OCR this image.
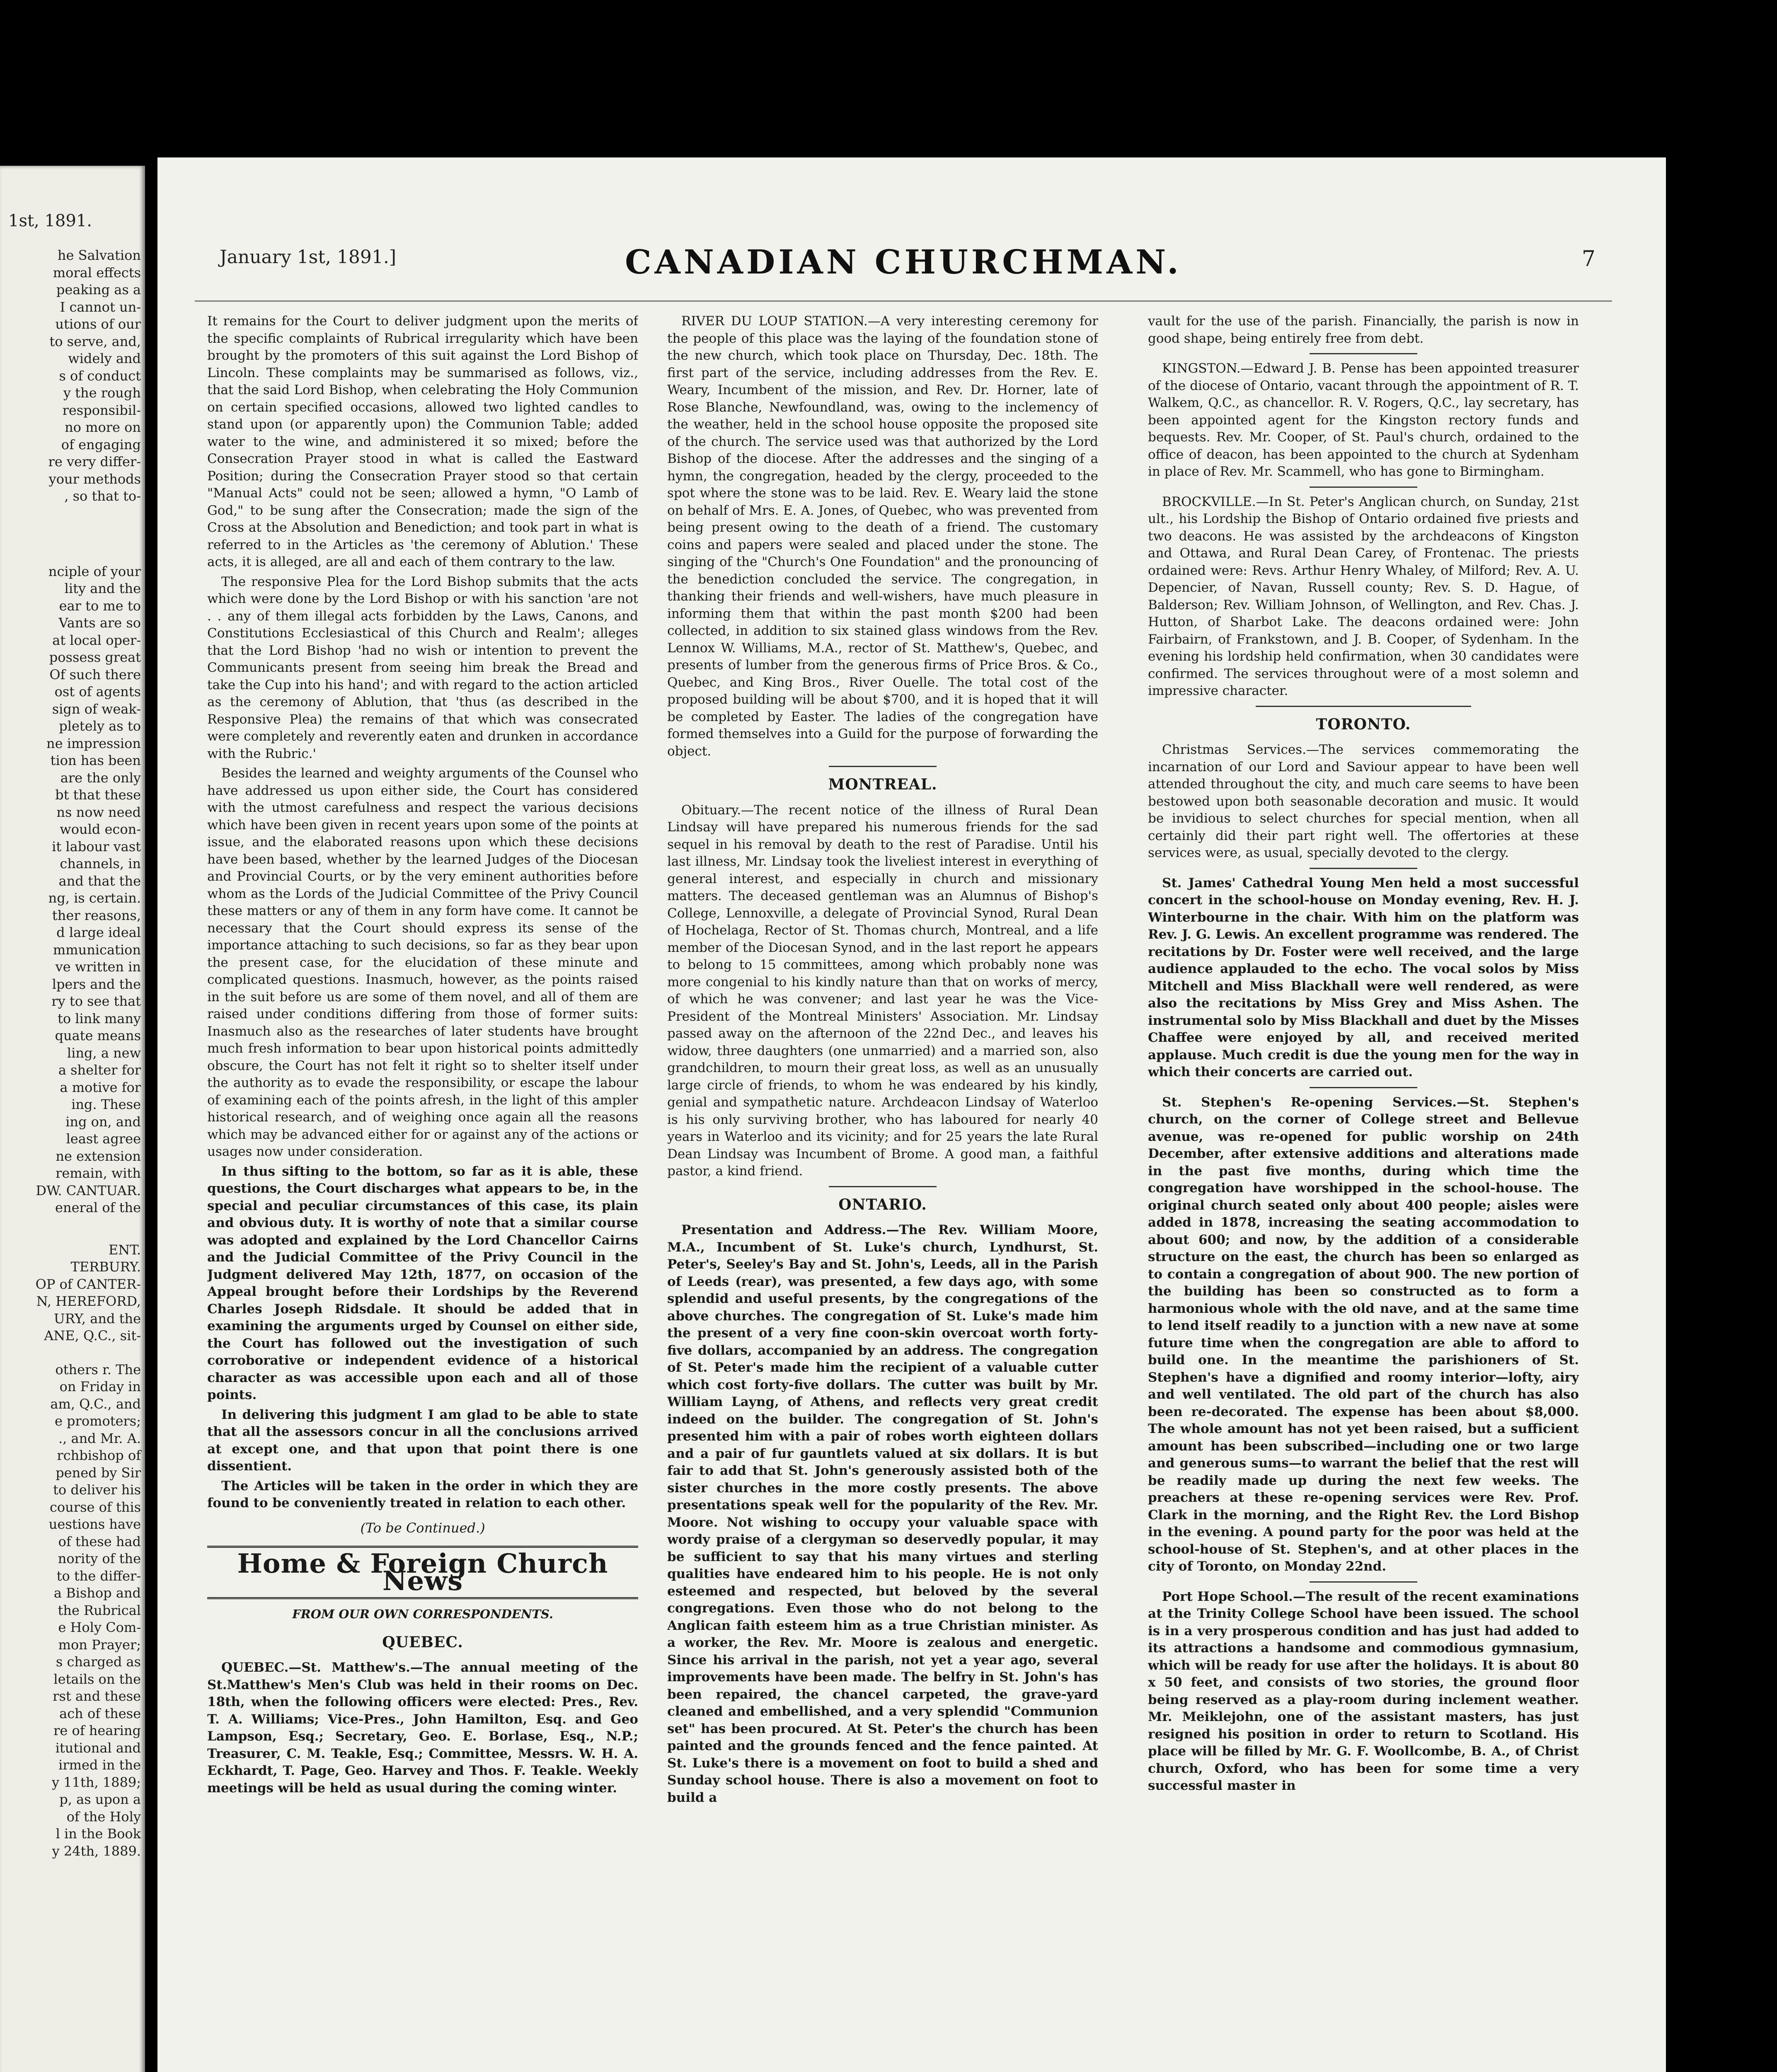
1st, 1891.
he Salvation
moral effects
peaking as a
I cannot un-
utions of our
to serve, and,
widely and
s of conduct
y the rough
responsibil-
no more on
of engaging
re very differ-
your methods
, so that to-
nciple of your
lity and the
ear to me to
Vants are so
at local oper-
possess great
Of such there
ost of agents
sign of weak-
pletely as to
ne impression
tion has been
are the only
bt that these
ns now need
would econ-
it labour vast
channels, in
and that the
ng, is certain.
ther reasons,
d large ideal
mmunication
ve written in
lpers and the
ry to see that
to link many
quate means
ling, a new
a shelter for
a motive for
ing. These
ing on, and
least agree
ne extension
remain, with
DW. CANTUAR.
eneral of the
ENT.
TERBURY.
OP of CANTER-
N, HEREFORD,
URY, and the
ANE, Q.C., sit-
others r. The
on Friday in
am, Q.C., and
e promoters;
., and Mr. A.
rchbishop of
pened by Sir
to deliver his
course of this
uestions have
of these had
nority of the
to the differ-
a Bishop and
the Rubrical
e Holy Com-
mon Prayer;
s charged as
letails on the
rst and these
ach of these
re of hearing
itutional and
irmed in the
y 11th, 1889;
p, as upon a
of the Holy
l in the Book
y 24th, 1889.
January 1st, 1891.]	CANADIAN CHURCHMAN.	7

It remains for the Court to deliver judgment upon the merits of the specific complaints of Rubrical irregularity which have been brought by the promoters of this suit against the Lord Bishop of Lincoln. These complaints may be summarised as follows, viz., that the said Lord Bishop, when celebrating the Holy Communion on certain specified occasions, allowed two lighted candles to stand upon (or apparently upon) the Communion Table; added water to the wine, and administered it so mixed; before the Consecration Prayer stood in what is called the Eastward Position; during the Consecration Prayer stood so that certain "Manual Acts" could not be seen; allowed a hymn, "O Lamb of God," to be sung after the Consecration; made the sign of the Cross at the Absolution and Benediction; and took part in what is referred to in the Articles as 'the ceremony of Ablution.' These acts, it is alleged, are all and each of them contrary to the law.

The responsive Plea for the Lord Bishop submits that the acts which were done by the Lord Bishop or with his sanction 'are not . . any of them illegal acts forbidden by the Laws, Canons, and Constitutions Ecclesiastical of this Church and Realm'; alleges that the Lord Bishop 'had no wish or intention to prevent the Communicants present from seeing him break the Bread and take the Cup into his hand'; and with regard to the action articled as the ceremony of Ablution, that 'thus (as described in the Responsive Plea) the remains of that which was consecrated were completely and reverently eaten and drunken in accordance with the Rubric.'

Besides the learned and weighty arguments of the Counsel who have addressed us upon either side, the Court has considered with the utmost carefulness and respect the various decisions which have been given in recent years upon some of the points at issue, and the elaborated reasons upon which these decisions have been based, whether by the learned Judges of the Diocesan and Provincial Courts, or by the very eminent authorities before whom as the Lords of the Judicial Committee of the Privy Council these matters or any of them in any form have come. It cannot be necessary that the Court should express its sense of the importance attaching to such decisions, so far as they bear upon the present case, for the elucidation of these minute and complicated questions. Inasmuch, however, as the points raised in the suit before us are some of them novel, and all of them are raised under conditions differing from those of former suits: Inasmuch also as the researches of later students have brought much fresh information to bear upon historical points admittedly obscure, the Court has not felt it right so to shelter itself under the authority as to evade the responsibility, or escape the labour of examining each of the points afresh, in the light of this ampler historical research, and of weighing once again all the reasons which may be advanced either for or against any of the actions or usages now under consideration.

In thus sifting to the bottom, so far as it is able, these questions, the Court discharges what appears to be, in the special and peculiar circumstances of this case, its plain and obvious duty. It is worthy of note that a similar course was adopted and explained by the Lord Chancellor Cairns and the Judicial Committee of the Privy Council in the Judgment delivered May 12th, 1877, on occasion of the Appeal brought before their Lordships by the Reverend Charles Joseph Ridsdale. It should be added that in examining the arguments urged by Counsel on either side, the Court has followed out the investigation of such corroborative or independent evidence of a historical character as was accessible upon each and all of those points.

In delivering this judgment I am glad to be able to state that all the assessors concur in all the conclusions arrived at except one, and that upon that point there is one dissentient.

The Articles will be taken in the order in which they are found to be conveniently treated in relation to each other.

(To be Continued.)
Home & Foreign Church News
FROM OUR OWN CORRESPONDENTS.
QUEBEC.

QUEBEC.—St. Matthew's.—The annual meeting of the St.Matthew's Men's Club was held in their rooms on Dec. 18th, when the following officers were elected: Pres., Rev. T. A. Williams; Vice-Pres., John Hamilton, Esq. and Geo Lampson, Esq.; Secretary, Geo. E. Borlase, Esq., N.P.; Treasurer, C. M. Teakle, Esq.; Committee, Messrs. W. H. A. Eckhardt, T. Page, Geo. Harvey and Thos. F. Teakle. Weekly meetings will be held as usual during the coming winter.

RIVER DU LOUP STATION.—A very interesting ceremony for the people of this place was the laying of the foundation stone of the new church, which took place on Thursday, Dec. 18th. The first part of the service, including addresses from the Rev. E. Weary, Incumbent of the mission, and Rev. Dr. Horner, late of Rose Blanche, Newfoundland, was, owing to the inclemency of the weather, held in the school house opposite the proposed site of the church. The service used was that authorized by the Lord Bishop of the diocese. After the addresses and the singing of a hymn, the congregation, headed by the clergy, proceeded to the spot where the stone was to be laid. Rev. E. Weary laid the stone on behalf of Mrs. E. A. Jones, of Quebec, who was prevented from being present owing to the death of a friend. The customary coins and papers were sealed and placed under the stone. The singing of the "Church's One Foundation" and the pronouncing of the benediction concluded the service. The congregation, in thanking their friends and well-wishers, have much pleasure in informing them that within the past month $200 had been collected, in addition to six stained glass windows from the Rev. Lennox W. Williams, M.A., rector of St. Matthew's, Quebec, and presents of lumber from the generous firms of Price Bros. & Co., Quebec, and King Bros., River Ouelle. The total cost of the proposed building will be about $700, and it is hoped that it will be completed by Easter. The ladies of the congregation have formed themselves into a Guild for the purpose of forwarding the object.

MONTREAL.

Obituary.—The recent notice of the illness of Rural Dean Lindsay will have prepared his numerous friends for the sad sequel in his removal by death to the rest of Paradise. Until his last illness, Mr. Lindsay took the liveliest interest in everything of general interest, and especially in church and missionary matters. The deceased gentleman was an Alumnus of Bishop's College, Lennoxville, a delegate of Provincial Synod, Rural Dean of Hochelaga, Rector of St. Thomas church, Montreal, and a life member of the Diocesan Synod, and in the last report he appears to belong to 15 committees, among which probably none was more congenial to his kindly nature than that on works of mercy, of which he was convener; and last year he was the Vice-President of the Montreal Ministers' Association. Mr. Lindsay passed away on the afternoon of the 22nd Dec., and leaves his widow, three daughters (one unmarried) and a married son, also grandchildren, to mourn their great loss, as well as an unusually large circle of friends, to whom he was endeared by his kindly, genial and sympathetic nature. Archdeacon Lindsay of Waterloo is his only surviving brother, who has laboured for nearly 40 years in Waterloo and its vicinity; and for 25 years the late Rural Dean Lindsay was Incumbent of Brome. A good man, a faithful pastor, a kind friend.

ONTARIO.

Presentation and Address.—The Rev. William Moore, M.A., Incumbent of St. Luke's church, Lyndhurst, St. Peter's, Seeley's Bay and St. John's, Leeds, all in the Parish of Leeds (rear), was presented, a few days ago, with some splendid and useful presents, by the congregations of the above churches. The congregation of St. Luke's made him the present of a very fine coon-skin overcoat worth forty-five dollars, accompanied by an address. The congregation of St. Peter's made him the recipient of a valuable cutter which cost forty-five dollars. The cutter was built by Mr. William Layng, of Athens, and reflects very great credit indeed on the builder. The congregation of St. John's presented him with a pair of robes worth eighteen dollars and a pair of fur gauntlets valued at six dollars. It is but fair to add that St. John's generously assisted both of the sister churches in the more costly presents. The above presentations speak well for the popularity of the Rev. Mr. Moore. Not wishing to occupy your valuable space with wordy praise of a clergyman so deservedly popular, it may be sufficient to say that his many virtues and sterling qualities have endeared him to his people. He is not only esteemed and respected, but beloved by the several congregations. Even those who do not belong to the Anglican faith esteem him as a true Christian minister. As a worker, the Rev. Mr. Moore is zealous and energetic. Since his arrival in the parish, not yet a year ago, several improvements have been made. The belfry in St. John's has been repaired, the chancel carpeted, the grave-yard cleaned and embellished, and a very splendid "Communion set" has been procured. At St. Peter's the church has been painted and the grounds fenced and the fence painted. At St. Luke's there is a movement on foot to build a shed and Sunday school house. There is also a movement on foot to build a

vault for the use of the parish. Financially, the parish is now in good shape, being entirely free from debt.

KINGSTON.—Edward J. B. Pense has been appointed treasurer of the diocese of Ontario, vacant through the appointment of R. T. Walkem, Q.C., as chancellor. R. V. Rogers, Q.C., lay secretary, has been appointed agent for the Kingston rectory funds and bequests. Rev. Mr. Cooper, of St. Paul's church, ordained to the office of deacon, has been appointed to the church at Sydenham in place of Rev. Mr. Scammell, who has gone to Birmingham.

BROCKVILLE.—In St. Peter's Anglican church, on Sunday, 21st ult., his Lordship the Bishop of Ontario ordained five priests and two deacons. He was assisted by the archdeacons of Kingston and Ottawa, and Rural Dean Carey, of Frontenac. The priests ordained were: Revs. Arthur Henry Whaley, of Milford; Rev. A. U. Depencier, of Navan, Russell county; Rev. S. D. Hague, of Balderson; Rev. William Johnson, of Wellington, and Rev. Chas. J. Hutton, of Sharbot Lake. The deacons ordained were: John Fairbairn, of Frankstown, and J. B. Cooper, of Sydenham. In the evening his lordship held confirmation, when 30 candidates were confirmed. The services throughout were of a most solemn and impressive character.

TORONTO.

Christmas Services.—The services commemorating the incarnation of our Lord and Saviour appear to have been well attended throughout the city, and much care seems to have been bestowed upon both seasonable decoration and music. It would be invidious to select churches for special mention, when all certainly did their part right well. The offertories at these services were, as usual, specially devoted to the clergy.

St. James' Cathedral Young Men held a most successful concert in the school-house on Monday evening, Rev. H. J. Winterbourne in the chair. With him on the platform was Rev. J. G. Lewis. An excellent programme was rendered. The recitations by Dr. Foster were well received, and the large audience applauded to the echo. The vocal solos by Miss Mitchell and Miss Blackhall were well rendered, as were also the recitations by Miss Grey and Miss Ashen. The instrumental solo by Miss Blackhall and duet by the Misses Chaffee were enjoyed by all, and received merited applause. Much credit is due the young men for the way in which their concerts are carried out.

St. Stephen's Re-opening Services.—St. Stephen's church, on the corner of College street and Bellevue avenue, was re-opened for public worship on 24th December, after extensive additions and alterations made in the past five months, during which time the congregation have worshipped in the school-house. The original church seated only about 400 people; aisles were added in 1878, increasing the seating accommodation to about 600; and now, by the addition of a considerable structure on the east, the church has been so enlarged as to contain a congregation of about 900. The new portion of the building has been so constructed as to form a harmonious whole with the old nave, and at the same time to lend itself readily to a junction with a new nave at some future time when the congregation are able to afford to build one. In the meantime the parishioners of St. Stephen's have a dignified and roomy interior—lofty, airy and well ventilated. The old part of the church has also been re-decorated. The expense has been about $8,000. The whole amount has not yet been raised, but a sufficient amount has been subscribed—including one or two large and generous sums—to warrant the belief that the rest will be readily made up during the next few weeks. The preachers at these re-opening services were Rev. Prof. Clark in the morning, and the Right Rev. the Lord Bishop in the evening. A pound party for the poor was held at the school-house of St. Stephen's, and at other places in the city of Toronto, on Monday 22nd.

Port Hope School.—The result of the recent examinations at the Trinity College School have been issued. The school is in a very prosperous condition and has just had added to its attractions a handsome and commodious gymnasium, which will be ready for use after the holidays. It is about 80 x 50 feet, and consists of two stories, the ground floor being reserved as a play-room during inclement weather. Mr. Meiklejohn, one of the assistant masters, has just resigned his position in order to return to Scotland. His place will be filled by Mr. G. F. Woollcombe, B. A., of Christ church, Oxford, who has been for some time a very successful master in
